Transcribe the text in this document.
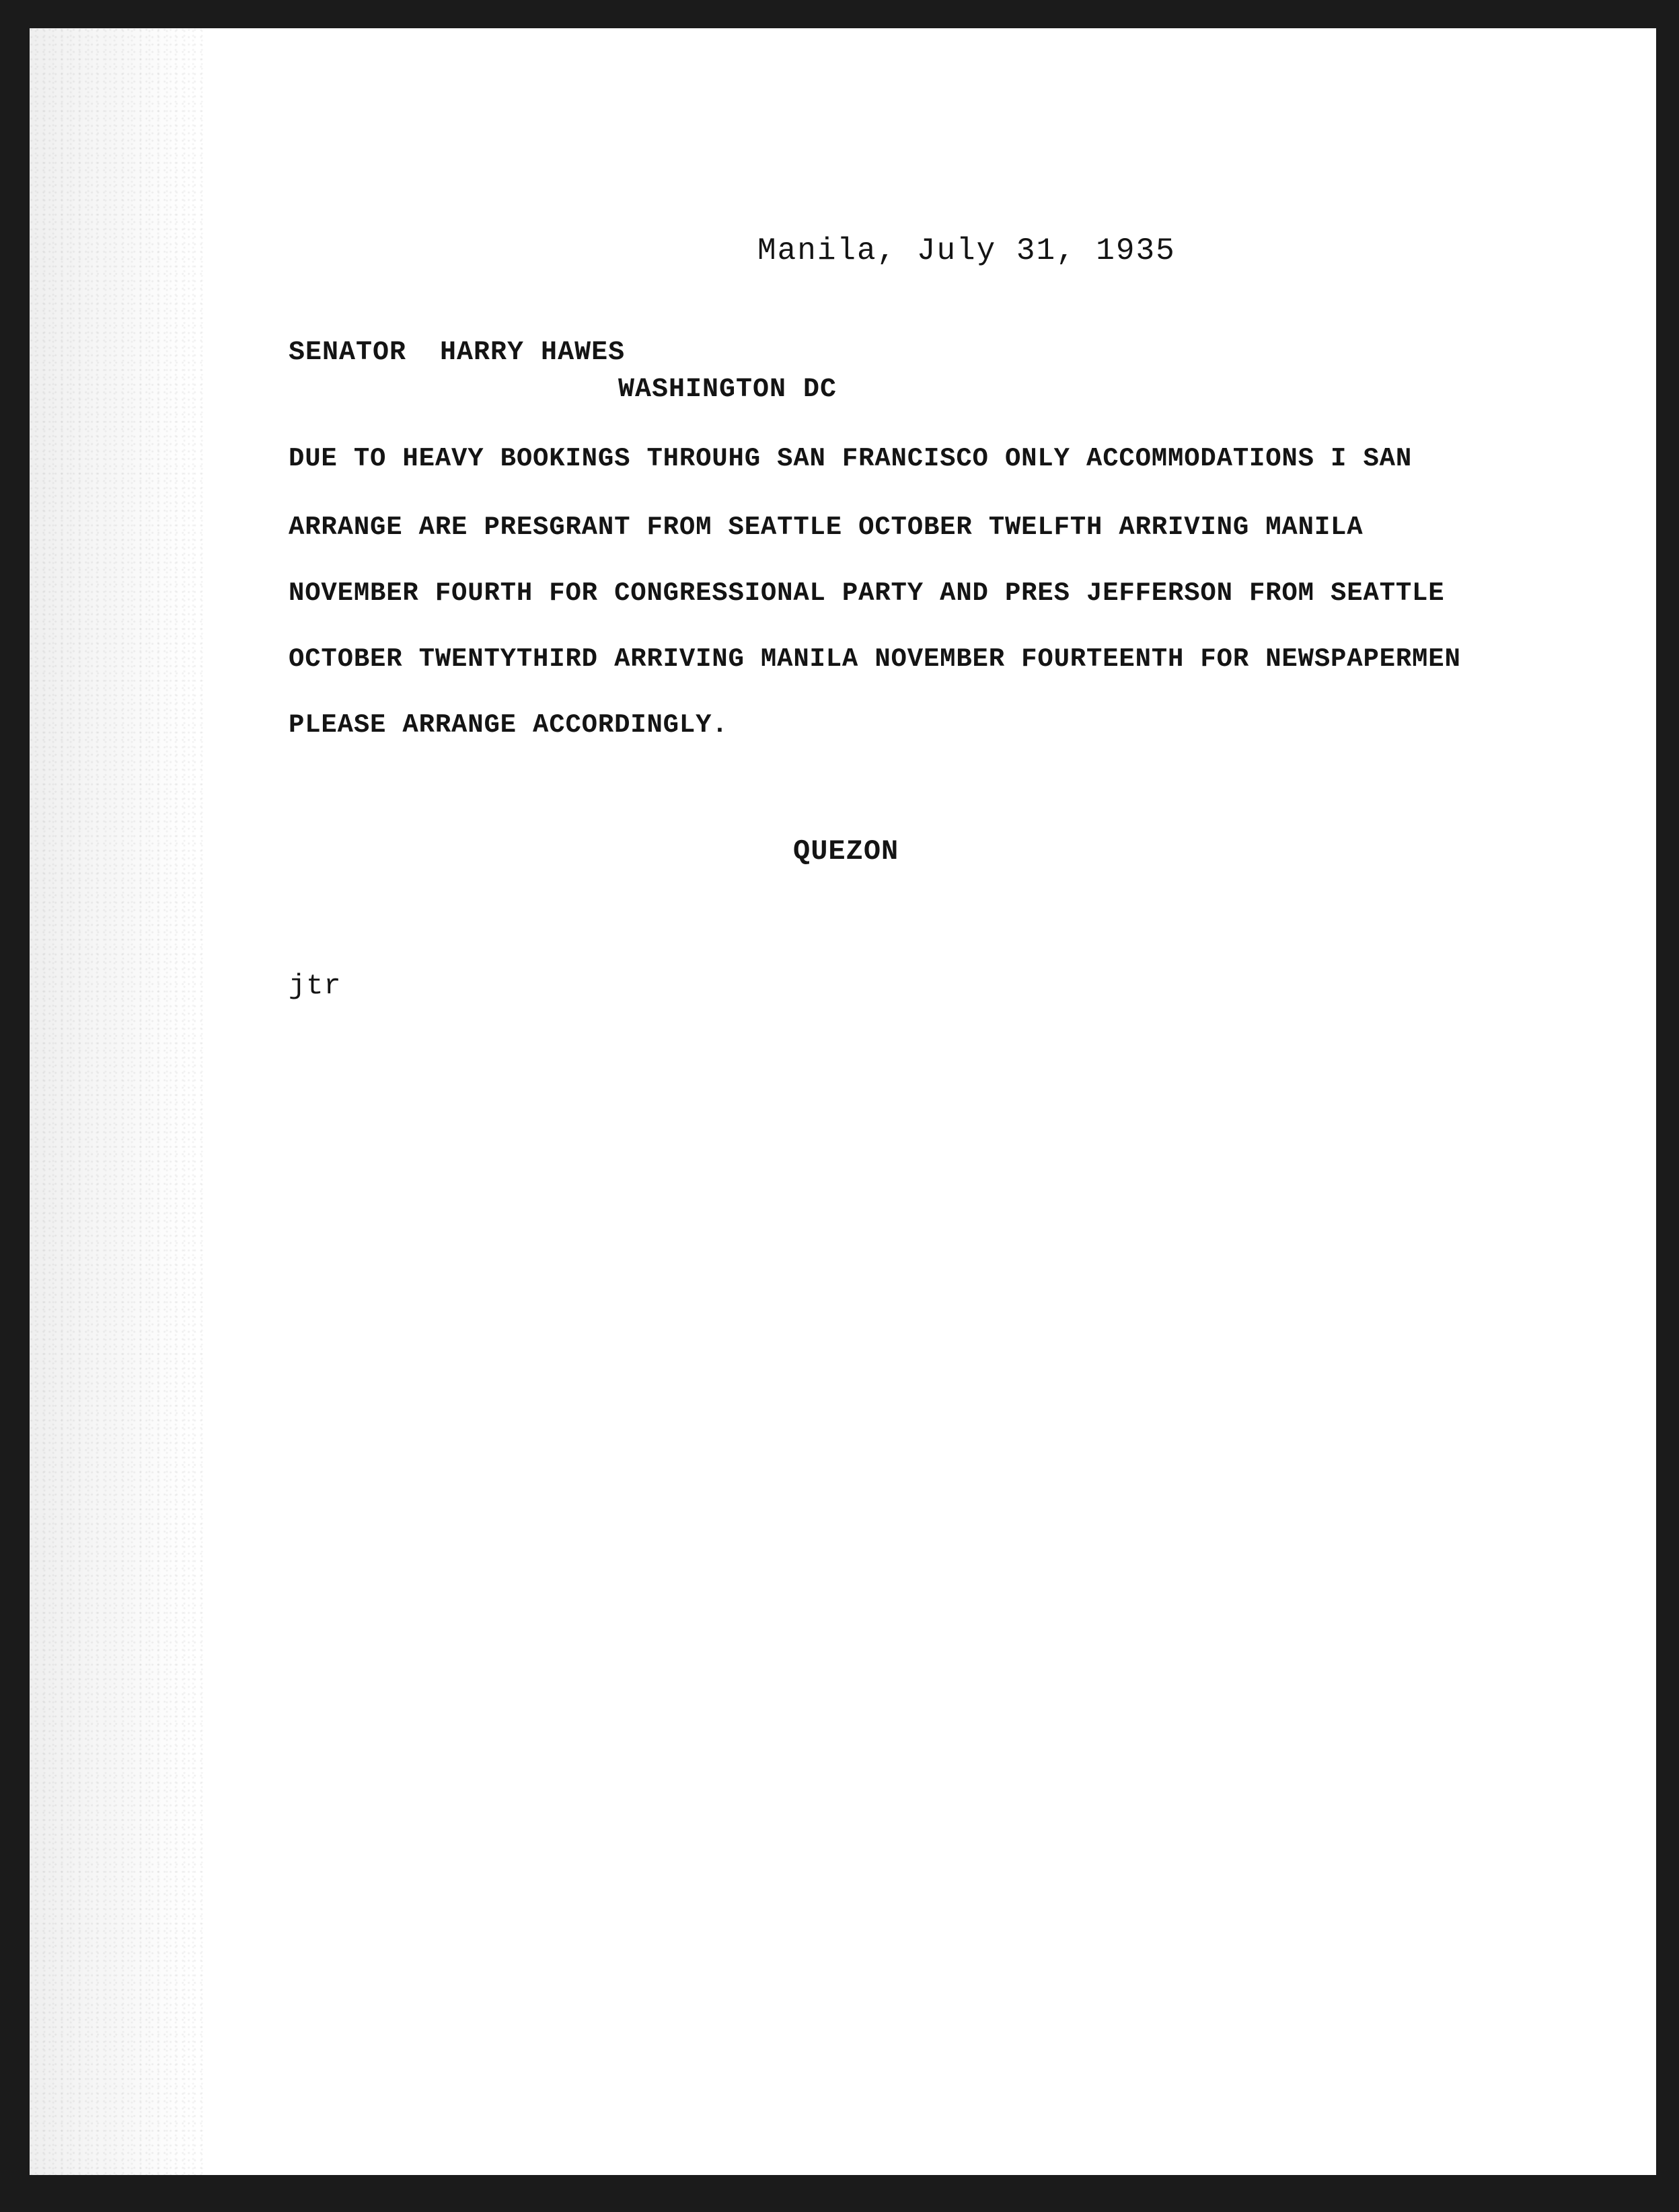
Manila, July 31, 1935
SENATOR  HARRY HAWES
WASHINGTON DC
DUE TO HEAVY BOOKINGS THROUHG SAN FRANCISCO ONLY ACCOMMODATIONS I SAN
ARRANGE ARE PRESGRANT FROM SEATTLE OCTOBER TWELFTH ARRIVING MANILA
NOVEMBER FOURTH FOR CONGRESSIONAL PARTY AND PRES JEFFERSON FROM SEATTLE
OCTOBER TWENTYTHIRD ARRIVING MANILA NOVEMBER FOURTEENTH FOR NEWSPAPERMEN
PLEASE ARRANGE ACCORDINGLY.
QUEZON
jtr
